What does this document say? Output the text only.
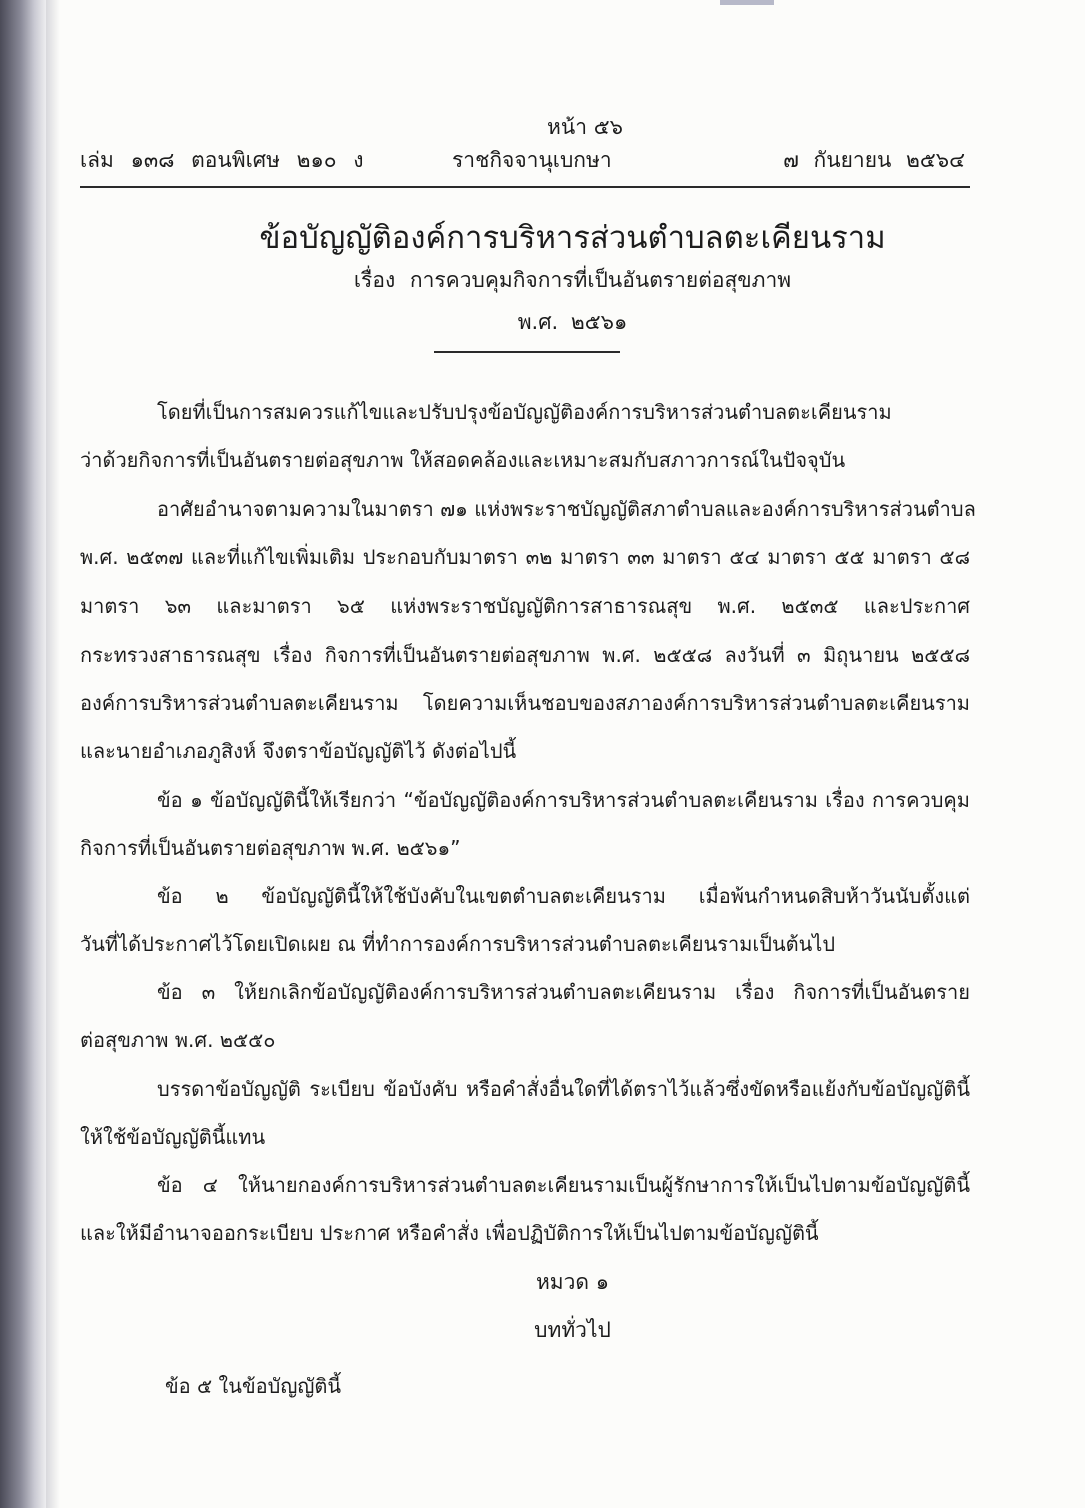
หน้า ๕๖
เล่ม ๑๓๘ ตอนพิเศษ ๒๑๐ ง	ราชกิจจานุเบกษา	๗ กันยายน ๒๕๖๔
ข้อบัญญัติองค์การบริหารส่วนตำบลตะเคียนราม
เรื่อง การควบคุมกิจการที่เป็นอันตรายต่อสุขภาพ
พ.ศ. ๒๕๖๑
โดยที่เป็นการสมควรแก้ไขและปรับปรุงข้อบัญญัติองค์การบริหารส่วนตำบลตะเคียนราม
ว่าด้วยกิจการที่เป็นอันตรายต่อสุขภาพ ให้สอดคล้องและเหมาะสมกับสภาวการณ์ในปัจจุบัน
อาศัยอำนาจตามความในมาตรา ๗๑ แห่งพระราชบัญญัติสภาตำบลและองค์การบริหารส่วนตำบล
พ.ศ. ๒๕๓๗ และที่แก้ไขเพิ่มเติม ประกอบกับมาตรา ๓๒ มาตรา ๓๓ มาตรา ๕๔ มาตรา ๕๕ มาตรา ๕๘
มาตรา ๖๓ และมาตรา ๖๕ แห่งพระราชบัญญัติการสาธารณสุข พ.ศ. ๒๕๓๕ และประกาศ
กระทรวงสาธารณสุข เรื่อง กิจการที่เป็นอันตรายต่อสุขภาพ พ.ศ. ๒๕๕๘ ลงวันที่ ๓ มิถุนายน ๒๕๕๘
องค์การบริหารส่วนตำบลตะเคียนราม โดยความเห็นชอบของสภาองค์การบริหารส่วนตำบลตะเคียนราม
และนายอำเภอภูสิงห์ จึงตราข้อบัญญัติไว้ ดังต่อไปนี้
ข้อ ๑ ข้อบัญญัตินี้ให้เรียกว่า “ข้อบัญญัติองค์การบริหารส่วนตำบลตะเคียนราม เรื่อง การควบคุม
กิจการที่เป็นอันตรายต่อสุขภาพ พ.ศ. ๒๕๖๑”
ข้อ ๒ ข้อบัญญัตินี้ให้ใช้บังคับในเขตตำบลตะเคียนราม เมื่อพ้นกำหนดสิบห้าวันนับตั้งแต่
วันที่ได้ประกาศไว้โดยเปิดเผย ณ ที่ทำการองค์การบริหารส่วนตำบลตะเคียนรามเป็นต้นไป
ข้อ ๓ ให้ยกเลิกข้อบัญญัติองค์การบริหารส่วนตำบลตะเคียนราม เรื่อง กิจการที่เป็นอันตราย
ต่อสุขภาพ พ.ศ. ๒๕๕๐
บรรดาข้อบัญญัติ ระเบียบ ข้อบังคับ หรือคำสั่งอื่นใดที่ได้ตราไว้แล้วซึ่งขัดหรือแย้งกับข้อบัญญัตินี้
ให้ใช้ข้อบัญญัตินี้แทน
ข้อ ๔ ให้นายกองค์การบริหารส่วนตำบลตะเคียนรามเป็นผู้รักษาการให้เป็นไปตามข้อบัญญัตินี้
และให้มีอำนาจออกระเบียบ ประกาศ หรือคำสั่ง เพื่อปฏิบัติการให้เป็นไปตามข้อบัญญัตินี้
หมวด ๑
บททั่วไป
ข้อ ๕ ในข้อบัญญัตินี้
